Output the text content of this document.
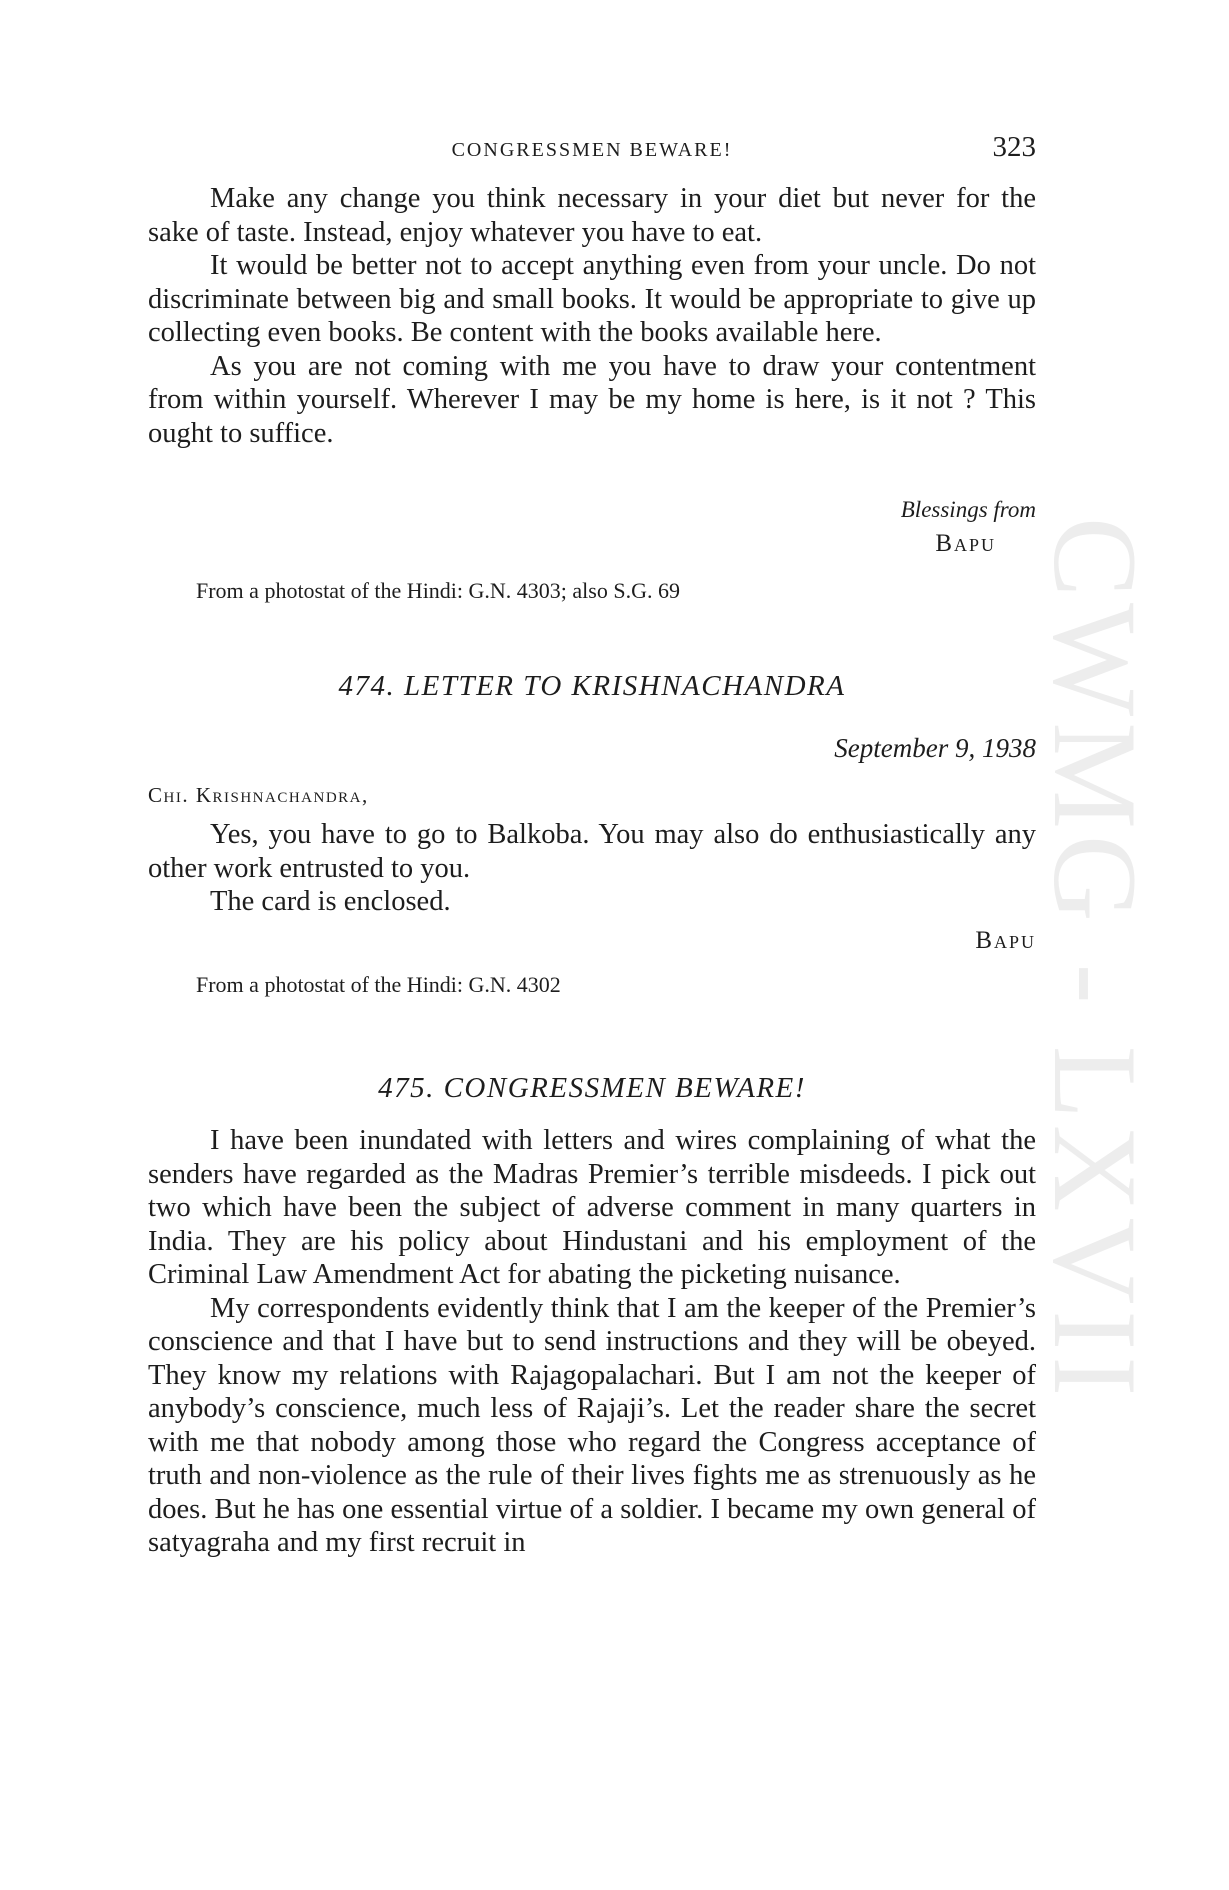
CWMG - LXVII
CONGRESSMEN BEWARE!	323

Make any change you think necessary in your diet but never for the sake of taste. Instead, enjoy whatever you have to eat.

It would be better not to accept anything even from your uncle. Do not discriminate between big and small books. It would be appropriate to give up collecting even books. Be content with the books available here.

As you are not coming with me you have to draw your contentment from within yourself. Wherever I may be my home is here, is it not ? This ought to suffice.

Blessings from
Bapu

From a photostat of the Hindi: G.N. 4303; also S.G. 69

474. LETTER TO KRISHNACHANDRA

September 9, 1938

Chi. Krishnachandra,

Yes, you have to go to Balkoba. You may also do enthusiastically any other work entrusted to you.

The card is enclosed.

Bapu

From a photostat of the Hindi: G.N. 4302

475. CONGRESSMEN BEWARE!

I have been inundated with letters and wires complaining of what the senders have regarded as the Madras Premier’s terrible misdeeds. I pick out two which have been the subject of adverse comment in many quarters in India. They are his policy about Hindustani and his employment of the Criminal Law Amendment Act for abating the picketing nuisance.

My correspondents evidently think that I am the keeper of the Premier’s conscience and that I have but to send instructions and they will be obeyed. They know my relations with Rajagopalachari. But I am not the keeper of anybody’s conscience, much less of Rajaji’s. Let the reader share the secret with me that nobody among those who regard the Congress acceptance of truth and non-violence as the rule of their lives fights me as strenuously as he does. But he has one essential virtue of a soldier. I became my own general of satyagraha and my first recruit in
